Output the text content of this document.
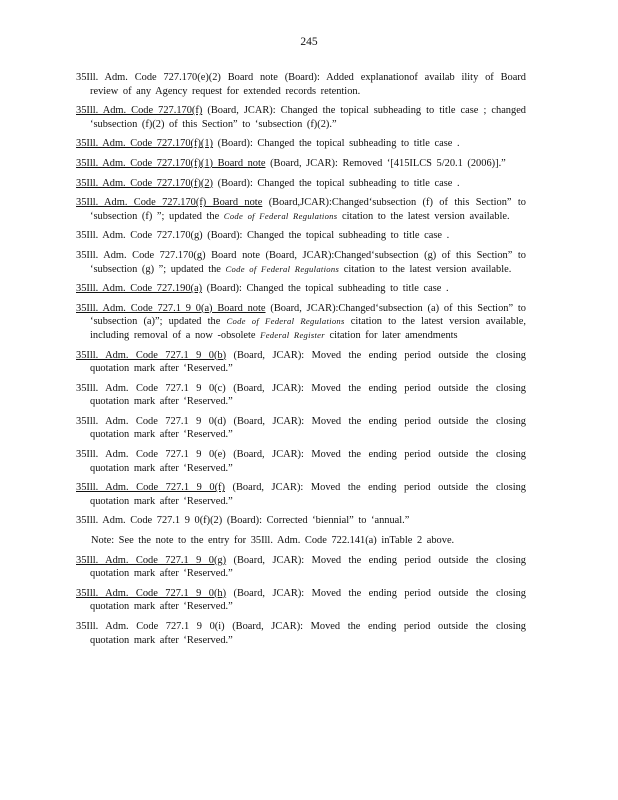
245
35Ill. Adm. Code 727.170(e)(2) Board note (Board): Added explanationof availab ility of Board review of any Agency request for extended records retention.
35Ill. Adm. Code 727.170(f) (Board, JCAR): Changed the topical subheading to title case ; changed ‘subsection (f)(2) of this Section” to ‘subsection (f)(2).”
35Ill. Adm. Code 727.170(f)(1) (Board): Changed the topical subheading to title case .
35Ill. Adm. Code 727.170(f)(1) Board note (Board, JCAR): Removed ‘[415ILCS 5/20.1 (2006)].”
35Ill. Adm. Code 727.170(f)(2) (Board): Changed the topical subheading to title case .
35Ill. Adm. Code 727.170(f) Board note (Board,JCAR):Changed‘subsection (f) of this Section” to ‘subsection (f) ”; updated the Code of Federal Regulations citation to the latest version available.
35Ill. Adm. Code 727.170(g) (Board): Changed the topical subheading to title case .
35Ill. Adm. Code 727.170(g) Board note (Board, JCAR):Changed‘subsection (g) of this Section” to ‘subsection (g) ”; updated the Code of Federal Regulations citation to the latest version available.
35Ill. Adm. Code 727.190(a) (Board): Changed the topical subheading to title case .
35Ill. Adm. Code 727.1 9 0(a) Board note (Board, JCAR):Changed‘subsection (a) of this Section” to ‘subsection (a)”; updated the Code of Federal Regulations citation to the latest version available, including removal of a now -obsolete Federal Register citation for later amendments
35Ill. Adm. Code 727.1 9 0(b) (Board, JCAR): Moved the ending period outside the closing quotation mark after ‘Reserved.”
35Ill. Adm. Code 727.1 9 0(c) (Board, JCAR): Moved the ending period outside the closing quotation mark after ‘Reserved.”
35Ill. Adm. Code 727.1 9 0(d) (Board, JCAR): Moved the ending period outside the closing quotation mark after ‘Reserved.”
35Ill. Adm. Code 727.1 9 0(e) (Board, JCAR): Moved the ending period outside the closing quotation mark after ‘Reserved.”
35Ill. Adm. Code 727.1 9 0(f) (Board, JCAR): Moved the ending period outside the closing quotation mark after ‘Reserved.”
35Ill. Adm. Code 727.1 9 0(f)(2) (Board): Corrected ‘biennial” to ‘annual.”
Note: See the note to the entry for 35Ill. Adm. Code 722.141(a) inTable 2 above.
35Ill. Adm. Code 727.1 9 0(g) (Board, JCAR): Moved the ending period outside the closing quotation mark after ‘Reserved.”
35Ill. Adm. Code 727.1 9 0(h) (Board, JCAR): Moved the ending period outside the closing quotation mark after ‘Reserved.”
35Ill. Adm. Code 727.1 9 0(i) (Board, JCAR): Moved the ending period outside the closing quotation mark after ‘Reserved.”
